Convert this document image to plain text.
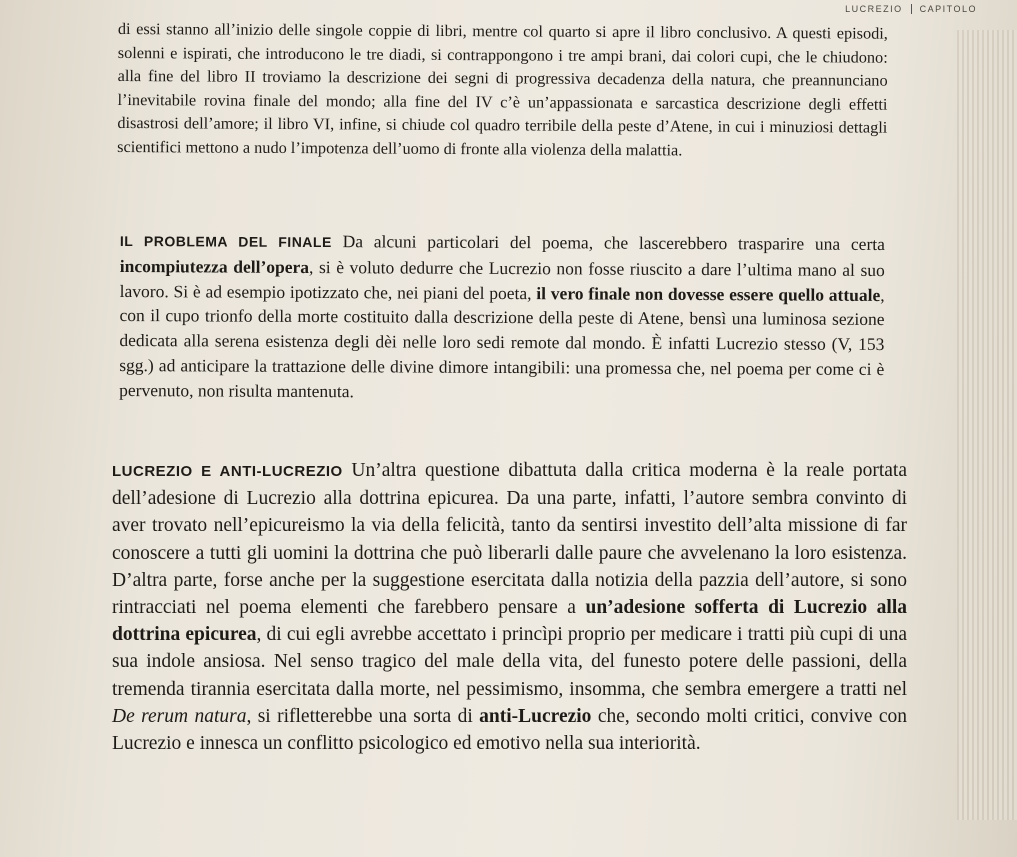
LUCREZIO CAPITOLO

di essi stanno all’inizio delle singole coppie di libri, mentre col quarto si apre il libro conclusivo. A questi episodi, solenni e ispirati, che introducono le tre diadi, si contrappongono i tre ampi brani, dai colori cupi, che le chiudono: alla fine del libro II troviamo la descrizione dei segni di progressiva decadenza della natura, che preannunciano l’inevitabile rovina finale del mondo; alla fine del IV c’è un’appassionata e sarcastica descrizione degli effetti disastrosi dell’amore; il libro VI, infine, si chiude col quadro terribile della peste d’Atene, in cui i minuziosi dettagli scientifici mettono a nudo l’impotenza dell’uomo di fronte alla violenza della malattia.

IL PROBLEMA DEL FINALE Da alcuni particolari del poema, che lascerebbero trasparire una certa incompiutezza dell’opera, si è voluto dedurre che Lucrezio non fosse riuscito a dare l’ultima mano al suo lavoro. Si è ad esempio ipotizzato che, nei piani del poeta, il vero finale non dovesse essere quello attuale, con il cupo trionfo della morte costituito dalla descrizione della peste di Atene, bensì una luminosa sezione dedicata alla serena esistenza degli dèi nelle loro sedi remote dal mondo. È infatti Lucrezio stesso (V, 153 sgg.) ad anticipare la trattazione delle divine dimore intangibili: una promessa che, nel poema per come ci è pervenuto, non risulta mantenuta.

LUCREZIO E ANTI-LUCREZIO Un’altra questione dibattuta dalla critica moderna è la reale portata dell’adesione di Lucrezio alla dottrina epicurea. Da una parte, infatti, l’autore sembra convinto di aver trovato nell’epicureismo la via della felicità, tanto da sentirsi investito dell’alta missione di far conoscere a tutti gli uomini la dottrina che può liberarli dalle paure che avvelenano la loro esistenza. D’altra parte, forse anche per la suggestione esercitata dalla notizia della pazzia dell’autore, si sono rintracciati nel poema elementi che farebbero pensare a un’adesione sofferta di Lucrezio alla dottrina epicurea, di cui egli avrebbe accettato i princìpi proprio per medicare i tratti più cupi di una sua indole ansiosa. Nel senso tragico del male della vita, del funesto potere delle passioni, della tremenda tirannia esercitata dalla morte, nel pessimismo, insomma, che sembra emergere a tratti nel De rerum natura, si rifletterebbe una sorta di anti-Lucrezio che, secondo molti critici, convive con Lucrezio e innesca un conflitto psicologico ed emotivo nella sua interiorità.
